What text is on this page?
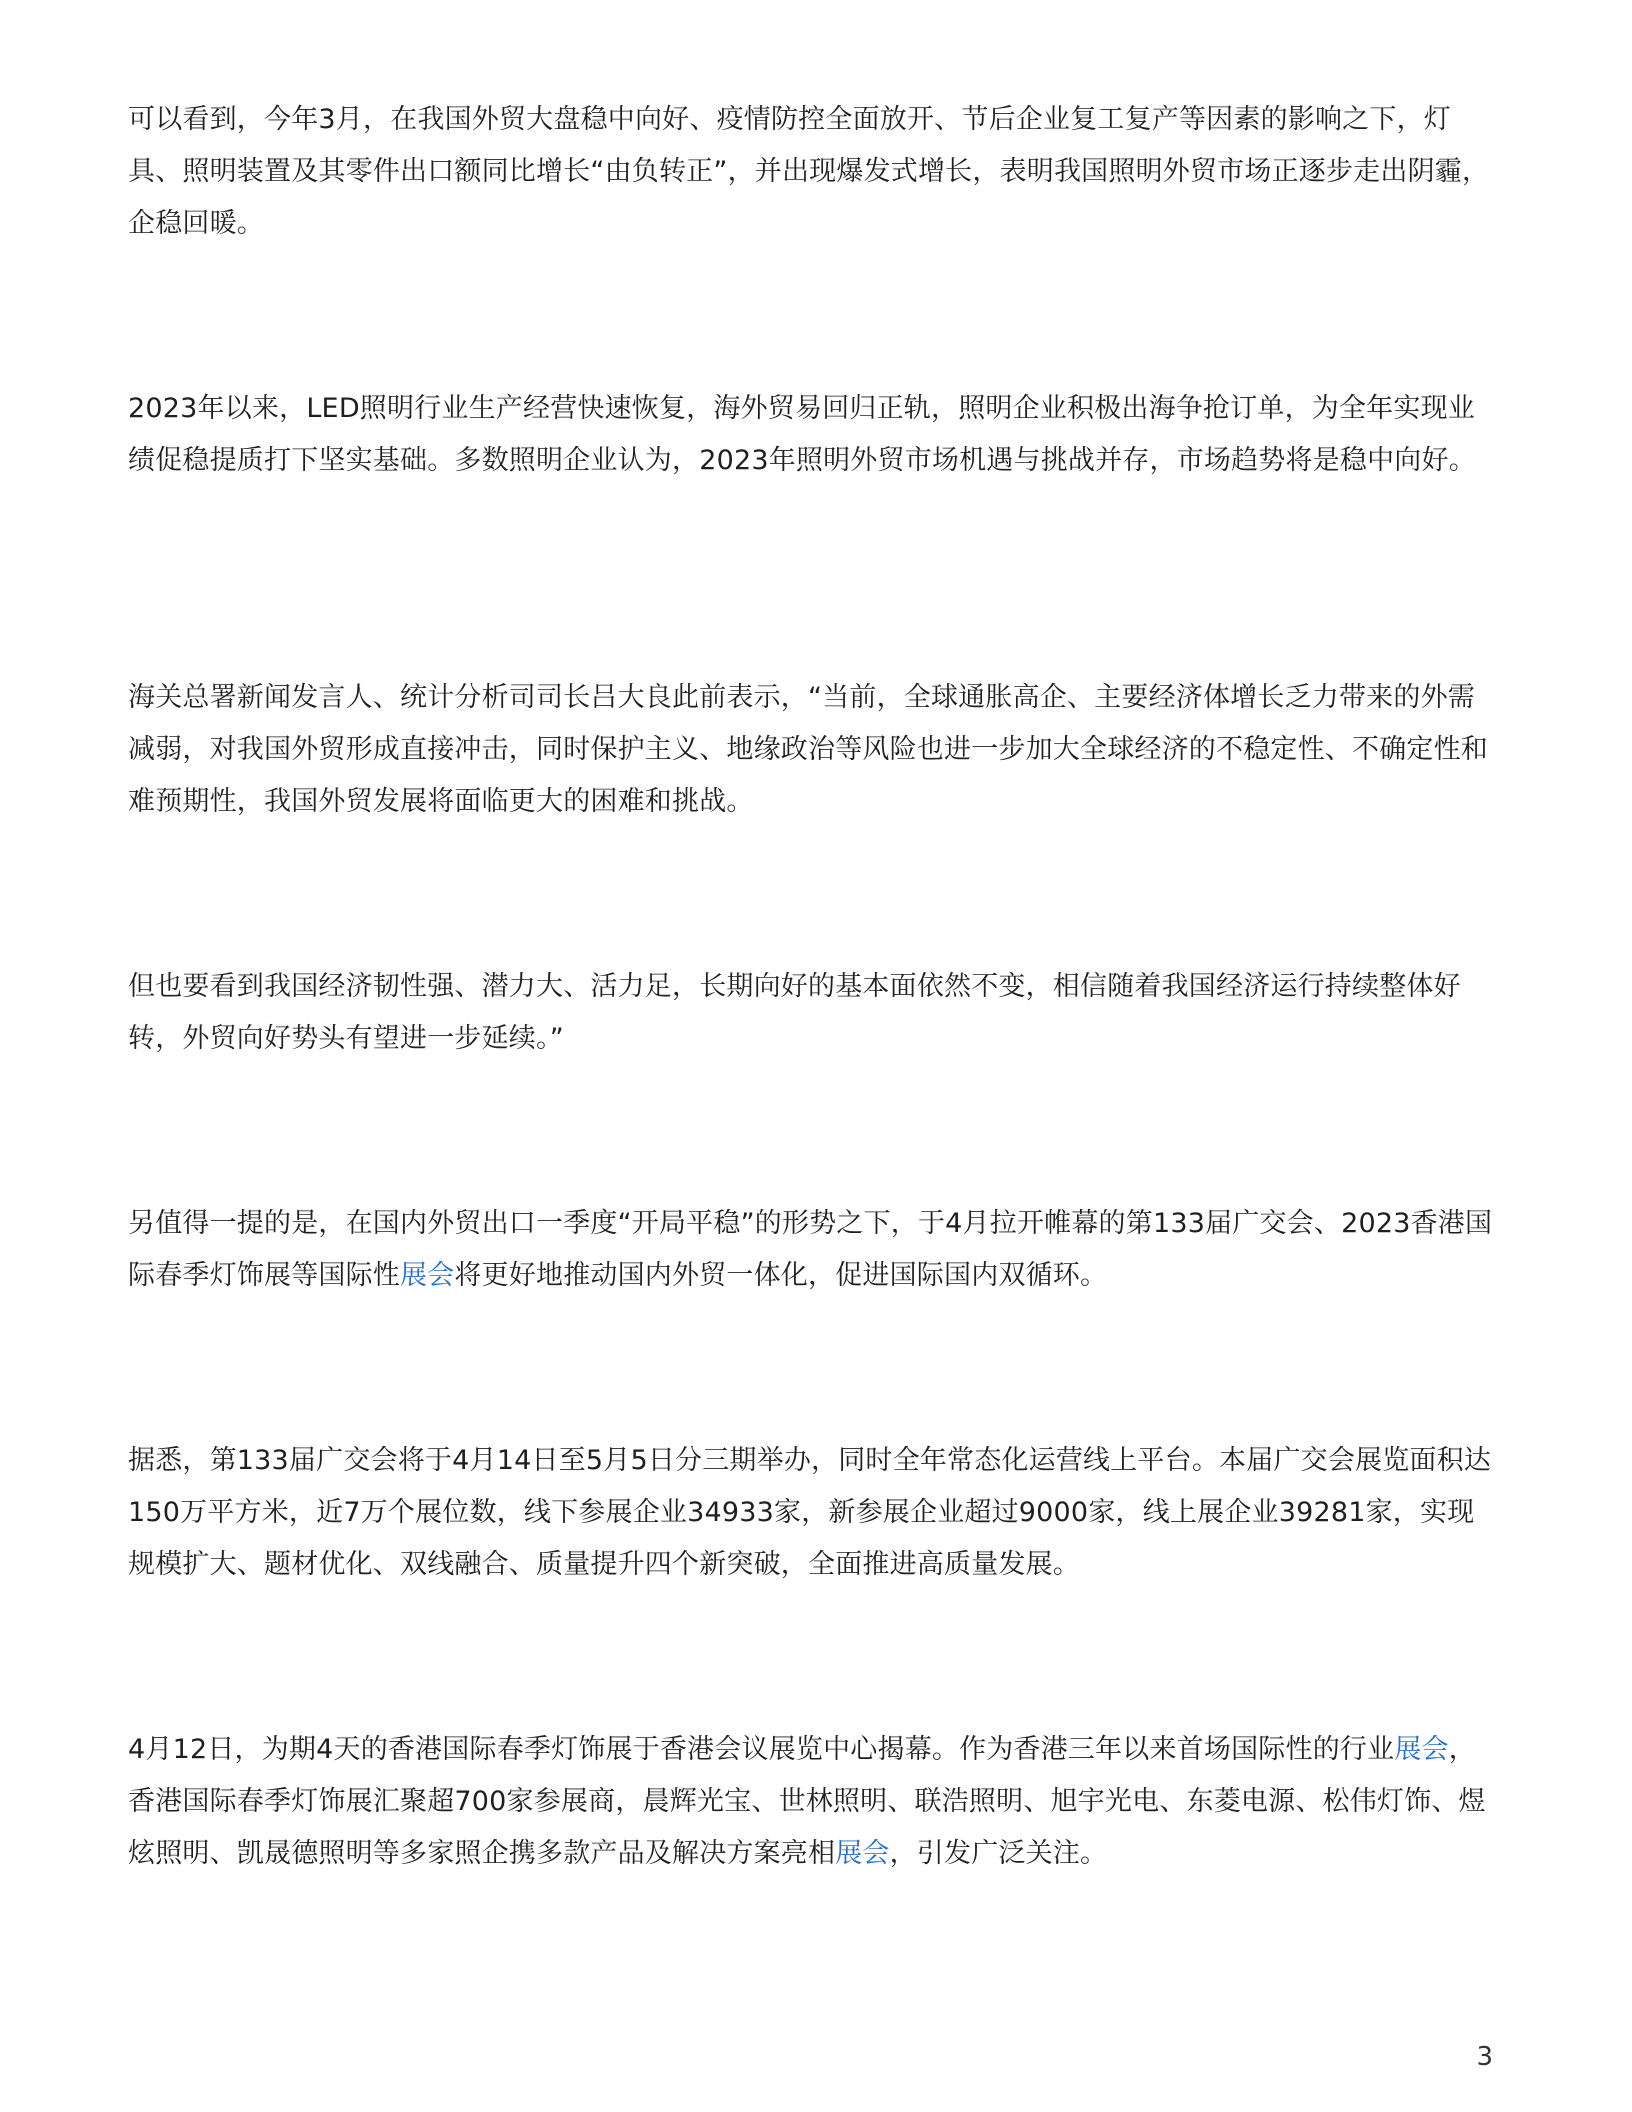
可以看到，今年3月，在我国外贸大盘稳中向好、疫情防控全面放开、节后企业复工复产等因素的影响之下，灯具、照明装置及其零件出口额同比增长“由负转正”，并出现爆发式增长，表明我国照明外贸市场正逐步走出阴霾，企稳回暖。

2023年以来，LED照明行业生产经营快速恢复，海外贸易回归正轨，照明企业积极出海争抢订单，为全年实现业绩促稳提质打下坚实基础。多数照明企业认为，2023年照明外贸市场机遇与挑战并存，市场趋势将是稳中向好。

海关总署新闻发言人、统计分析司司长吕大良此前表示，“当前，全球通胀高企、主要经济体增长乏力带来的外需减弱，对我国外贸形成直接冲击，同时保护主义、地缘政治等风险也进一步加大全球经济的不稳定性、不确定性和难预期性，我国外贸发展将面临更大的困难和挑战。

但也要看到我国经济韧性强、潜力大、活力足，长期向好的基本面依然不变，相信随着我国经济运行持续整体好转，外贸向好势头有望进一步延续。”

另值得一提的是，在国内外贸出口一季度“开局平稳”的形势之下，于4月拉开帷幕的第133届广交会、2023香港国际春季灯饰展等国际性展会将更好地推动国内外贸一体化，促进国际国内双循环。

据悉，第133届广交会将于4月14日至5月5日分三期举办，同时全年常态化运营线上平台。本届广交会展览面积达150万平方米，近7万个展位数，线下参展企业34933家，新参展企业超过9000家，线上展企业39281家，实现规模扩大、题材优化、双线融合、质量提升四个新突破，全面推进高质量发展。

4月12日，为期4天的香港国际春季灯饰展于香港会议展览中心揭幕。作为香港三年以来首场国际性的行业展会，香港国际春季灯饰展汇聚超700家参展商，晨辉光宝、世林照明、联浩照明、旭宇光电、东菱电源、松伟灯饰、煜炫照明、凯晟德照明等多家照企携多款产品及解决方案亮相展会，引发广泛关注。

3
